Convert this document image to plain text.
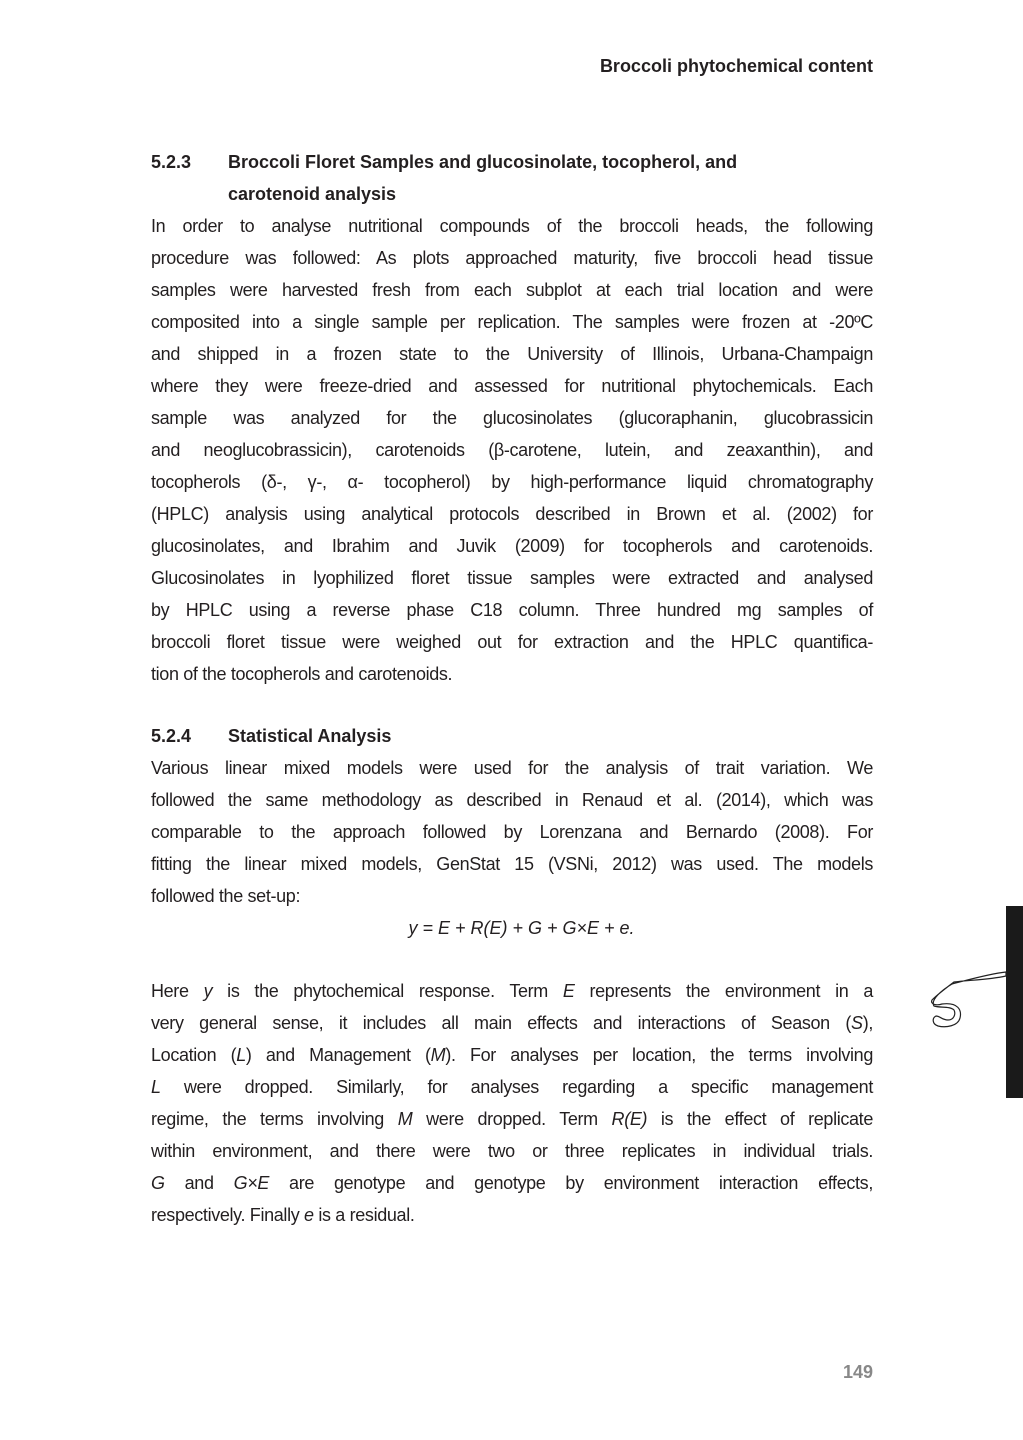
Broccoli phytochemical content
5.2.3 Broccoli Floret Samples and glucosinolate, tocopherol, and
carotenoid analysis
In order to analyse nutritional compounds of the broccoli heads, the following
procedure was followed: As plots approached maturity, five broccoli head tissue
samples were harvested fresh from each subplot at each trial location and were
composited into a single sample per replication. The samples were frozen at -20ºC
and shipped in a frozen state to the University of Illinois, Urbana-Champaign
where they were freeze-dried and assessed for nutritional phytochemicals. Each
sample was analyzed for the glucosinolates (glucoraphanin, glucobrassicin
and neoglucobrassicin), carotenoids (β-carotene, lutein, and zeaxanthin), and
tocopherols (δ-, γ-, α- tocopherol) by high-performance liquid chromatography
(HPLC) analysis using analytical protocols described in Brown et al. (2002) for
glucosinolates, and Ibrahim and Juvik (2009) for tocopherols and carotenoids.
Glucosinolates in lyophilized floret tissue samples were extracted and analysed
by HPLC using a reverse phase C18 column. Three hundred mg samples of
broccoli floret tissue were weighed out for extraction and the HPLC quantifica-
tion of the tocopherols and carotenoids.
5.2.4 Statistical Analysis
Various linear mixed models were used for the analysis of trait variation. We
followed the same methodology as described in Renaud et al. (2014), which was
comparable to the approach followed by Lorenzana and Bernardo (2008). For
fitting the linear mixed models, GenStat 15 (VSNi, 2012) was used. The models
followed the set-up:
y = E + R(E) + G + G×E + e.
Here y is the phytochemical response. Term E represents the environment in a
very general sense, it includes all main effects and interactions of Season (S),
Location (L) and Management (M). For analyses per location, the terms involving
L were dropped. Similarly, for analyses regarding a specific management
regime, the terms involving M were dropped. Term R(E) is the effect of replicate
within environment, and there were two or three replicates in individual trials.
G and G×E are genotype and genotype by environment interaction effects,
respectively. Finally e is a residual.
149
